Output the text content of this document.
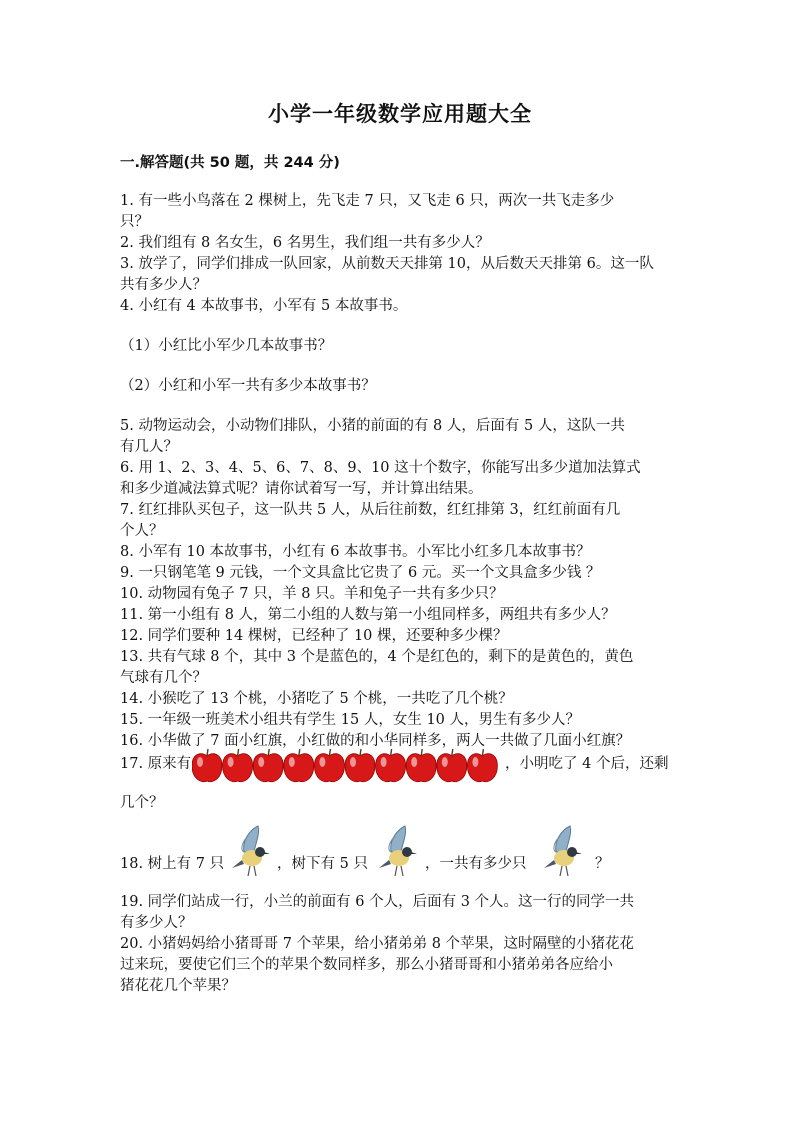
小学一年级数学应用题大全

一.解答题(共 50 题，共 244 分)

1. 有一些小鸟落在 2 棵树上，先飞走 7 只，又飞走 6 只，两次一共飞走多少

只？

2. 我们组有 8 名女生，6 名男生，我们组一共有多少人？

3. 放学了，同学们排成一队回家，从前数天天排第 10，从后数天天排第 6。这一队

共有多少人？

4. 小红有 4 本故事书，小军有 5 本故事书。

（1）小红比小军少几本故事书？

（2）小红和小军一共有多少本故事书？

5. 动物运动会，小动物们排队，小猪的前面的有 8 人，后面有 5 人，这队一共

有几人？

6. 用 1、2、3、4、5、6、7、8、9、10 这十个数字，你能写出多少道加法算式

和多少道减法算式呢？请你试着写一写，并计算出结果。

7. 红红排队买包子，这一队共 5 人，从后往前数，红红排第 3，红红前面有几

个人？

8. 小军有 10 本故事书，小红有 6 本故事书。小军比小红多几本故事书？

9. 一只钢笔笔 9 元钱，一个文具盒比它贵了 6 元。买一个文具盒多少钱 ？

10. 动物园有兔子 7 只，羊 8 只。羊和兔子一共有多少只？

11. 第一小组有 8 人，第二小组的人数与第一小组同样多，两组共有多少人？

12. 同学们要种 14 棵树，已经种了 10 棵，还要种多少棵？

13. 共有气球 8 个，其中 3 个是蓝色的，4 个是红色的，剩下的是黄色的，黄色

气球有几个？

14. 小猴吃了 13 个桃，小猪吃了 5 个桃，一共吃了几个桃？

15. 一年级一班美术小组共有学生 15 人，女生 10 人，男生有多少人？

16. 小华做了 7 面小红旗，小红做的和小华同样多，两人一共做了几面小红旗？

17. 原来有	，小明吃了 4 个后，还剩

几个？

18. 树上有 7 只	，树下有 5 只	，一共有多少只	？

19. 同学们站成一行，小兰的前面有 6 个人，后面有 3 个人。这一行的同学一共

有多少人？

20. 小猪妈妈给小猪哥哥 7 个苹果，给小猪弟弟 8 个苹果，这时隔壁的小猪花花

过来玩，要使它们三个的苹果个数同样多，那么小猪哥哥和小猪弟弟各应给小

猪花花几个苹果？
